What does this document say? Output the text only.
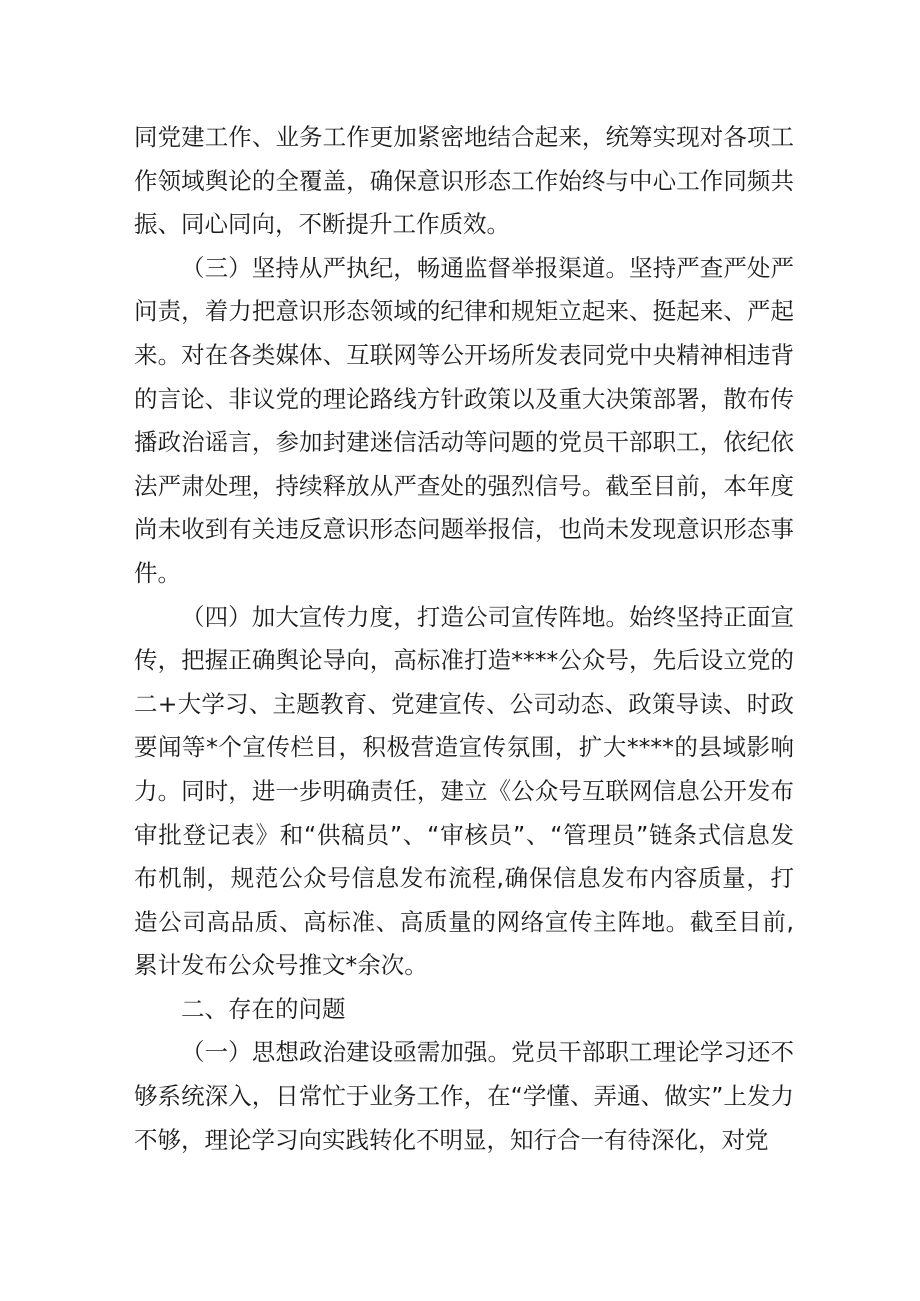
同党建工作、业务工作更加紧密地结合起来，统筹实现对各项工作领域舆论的全覆盖，确保意识形态工作始终与中心工作同频共振、同心同向，不断提升工作质效。

（三）坚持从严执纪，畅通监督举报渠道。坚持严查严处严问责，着力把意识形态领域的纪律和规矩立起来、挺起来、严起来。对在各类媒体、互联网等公开场所发表同党中央精神相违背的言论、非议党的理论路线方针政策以及重大决策部署，散布传播政治谣言，参加封建迷信活动等问题的党员干部职工，依纪依法严肃处理，持续释放从严查处的强烈信号。截至目前，本年度尚未收到有关违反意识形态问题举报信，也尚未发现意识形态事件。

（四）加大宣传力度，打造公司宣传阵地。始终坚持正面宣传，把握正确舆论导向，高标准打造****公众号，先后设立党的二+大学习、主题教育、党建宣传、公司动态、政策导读、时政要闻等*个宣传栏目，积极营造宣传氛围，扩大****的县域影响力。同时，进一步明确责任，建立《公众号互联网信息公开发布审批登记表》和“供稿员”、“审核员”、“管理员”链条式信息发布机制，规范公众号信息发布流程,确保信息发布内容质量，打造公司高品质、高标准、高质量的网络宣传主阵地。截至目前,累计发布公众号推文*余次。

二、存在的问题

（一）思想政治建设亟需加强。党员干部职工理论学习还不够系统深入，日常忙于业务工作，在“学懂、弄通、做实”上发力不够，理论学习向实践转化不明显，知行合一有待深化，对党
